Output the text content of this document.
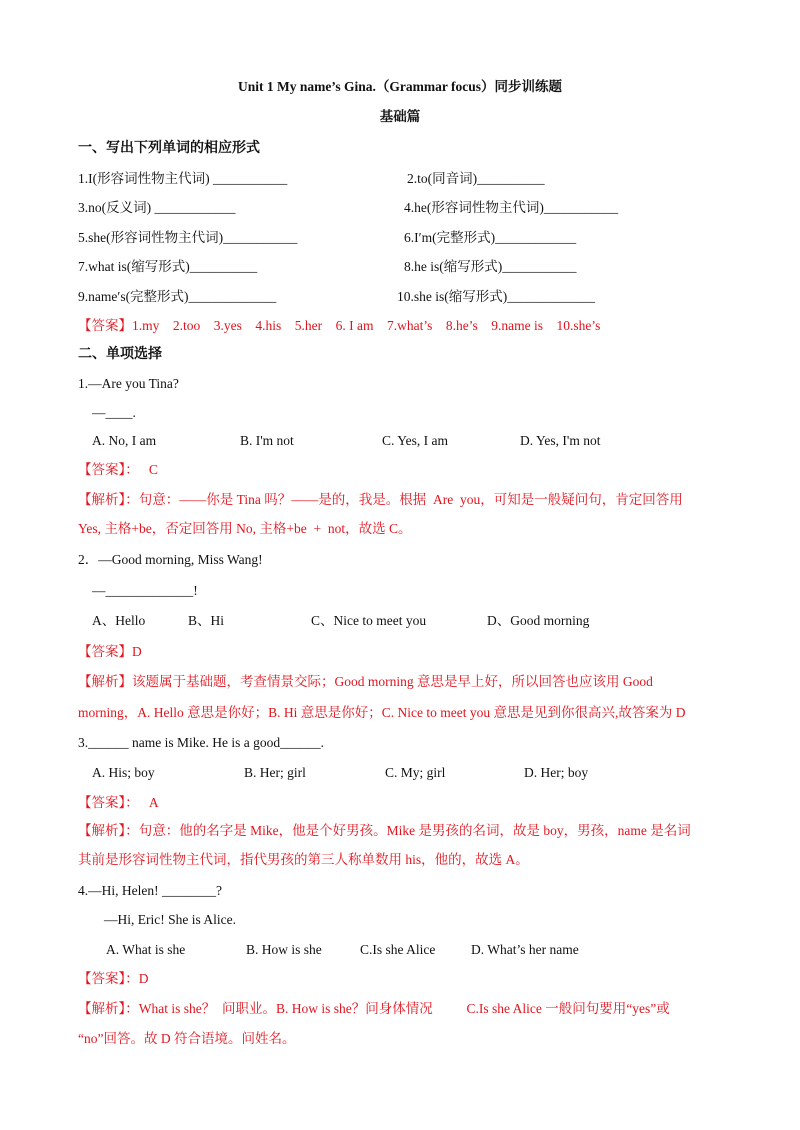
Unit 1 My name’s Gina.（Grammar focus）同步训练题
基础篇
一、写出下列单词的相应形式
1.I(形容词性物主代词) ___________	2.to(同音词)__________
3.no(反义词) ____________	4.he(形容词性物主代词)___________
5.she(形容词性物主代词)___________	6.I′m(完整形式)____________
7.what is(缩写形式)__________	8.he is(缩写形式)___________
9.name′s(完整形式)_____________	10.she is(缩写形式)_____________
【答案】1.my    2.too    3.yes    4.his    5.her    6. I am    7.what’s    8.he’s    9.name is    10.she’s
二、单项选择
1.—Are you Tina?
—____.
A. No, I am	B. I'm not	C. Yes, I am	D. Yes, I'm not
【答案】：   C
【解析】：句意：——你是 Tina 吗？——是的，我是。根据  Are  you，可知是一般疑问句，肯定回答用
Yes, 主格+be，否定回答用 No, 主格+be  +  not，故选 C。
2．—Good morning, Miss Wang!
—_____________!
A、Hello	B、Hi	C、Nice to meet you	D、Good morning
【答案】D
【解析】该题属于基础题，考查情景交际；Good morning 意思是早上好，所以回答也应该用 Good
morning，A. Hello 意思是你好；B. Hi 意思是你好；C. Nice to meet you 意思是见到你很高兴,故答案为 D
3.______ name is Mike. He is a good______.
A. His; boy	B. Her; girl	C. My; girl	D. Her; boy
【答案】：   A
【解析】：句意：他的名字是 Mike，他是个好男孩。Mike 是男孩的名词，故是 boy，男孩，name 是名词
其前是形容词性物主代词，指代男孩的第三人称单数用 his，他的，故选 A。
4.—Hi, Helen! ________?
—Hi, Eric! She is Alice.
A. What is she	B. How is she	C.Is she Alice	D. What’s her name
【答案】：D
【解析】：What is she？  问职业。B. How is she？问身体情况          C.Is she Alice 一般问句要用“yes”或
“no”回答。故 D 符合语境。问姓名。
